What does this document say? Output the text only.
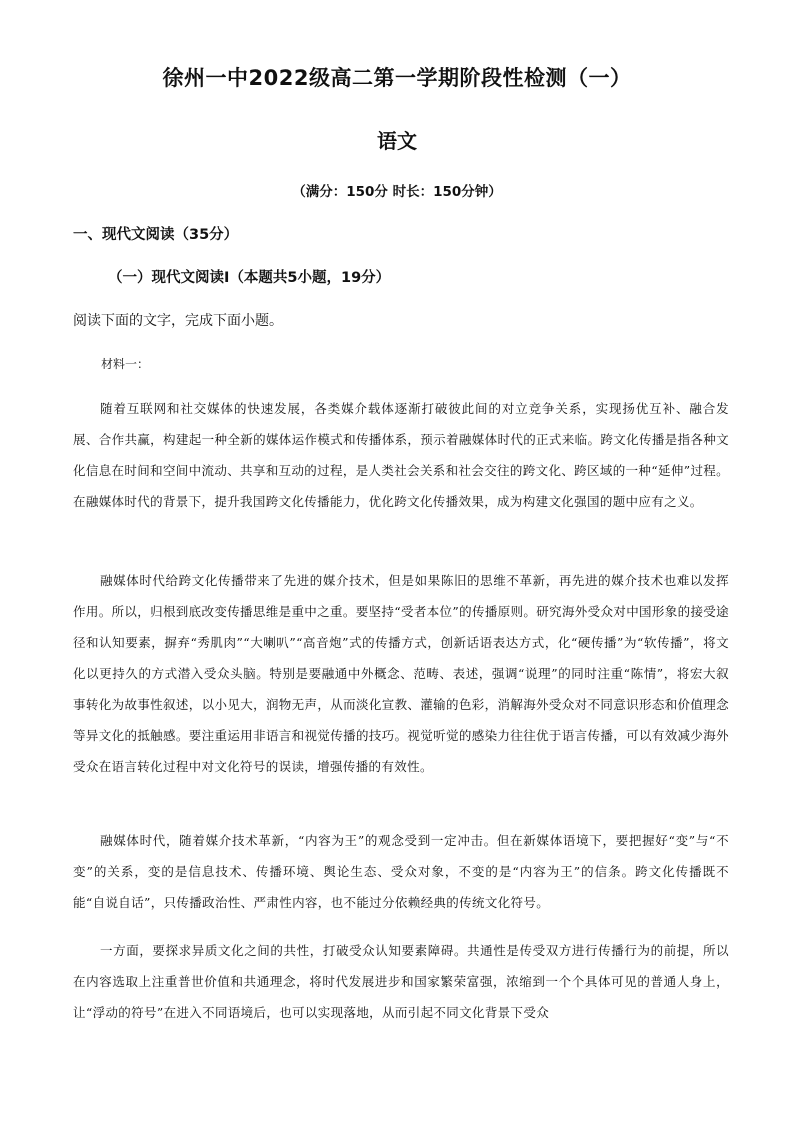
徐州一中2022级高二第一学期阶段性检测（一）
语文
（满分：150分 时长：150分钟）
一、现代文阅读（35分）
（一）现代文阅读Ⅰ（本题共5小题，19分）
阅读下面的文字，完成下面小题。
材料一：

随着互联网和社交媒体的快速发展，各类媒介载体逐渐打破彼此间的对立竞争关系，实现扬优互补、融合发展、合作共赢，构建起一种全新的媒体运作模式和传播体系，预示着融媒体时代的正式来临。跨文化传播是指各种文化信息在时间和空间中流动、共享和互动的过程，是人类社会关系和社会交往的跨文化、跨区域的一种“延伸”过程。在融媒体时代的背景下，提升我国跨文化传播能力，优化跨文化传播效果，成为构建文化强国的题中应有之义。

融媒体时代给跨文化传播带来了先进的媒介技术，但是如果陈旧的思维不革新，再先进的媒介技术也难以发挥作用。所以，归根到底改变传播思维是重中之重。要坚持“受者本位”的传播原则。研究海外受众对中国形象的接受途径和认知要素，摒弃“秀肌肉”“大喇叭”“高音炮”式的传播方式，创新话语表达方式，化“硬传播”为“软传播”，将文化以更持久的方式潜入受众头脑。特别是要融通中外概念、范畴、表述，强调“说理”的同时注重“陈情”，将宏大叙事转化为故事性叙述，以小见大，润物无声，从而淡化宣教、灌输的色彩，消解海外受众对不同意识形态和价值理念等异文化的抵触感。要注重运用非语言和视觉传播的技巧。视觉听觉的感染力往往优于语言传播，可以有效减少海外受众在语言转化过程中对文化符号的误读，增强传播的有效性。

融媒体时代，随着媒介技术革新，“内容为王”的观念受到一定冲击。但在新媒体语境下，要把握好“变”与“不变”的关系，变的是信息技术、传播环境、舆论生态、受众对象，不变的是“内容为王”的信条。跨文化传播既不能“自说自话”，只传播政治性、严肃性内容，也不能过分依赖经典的传统文化符号。

一方面，要探求异质文化之间的共性，打破受众认知要素障碍。共通性是传受双方进行传播行为的前提，所以在内容选取上注重普世价值和共通理念，将时代发展进步和国家繁荣富强，浓缩到一个个具体可见的普通人身上，让“浮动的符号”在进入不同语境后，也可以实现落地，从而引起不同文化背景下受众
